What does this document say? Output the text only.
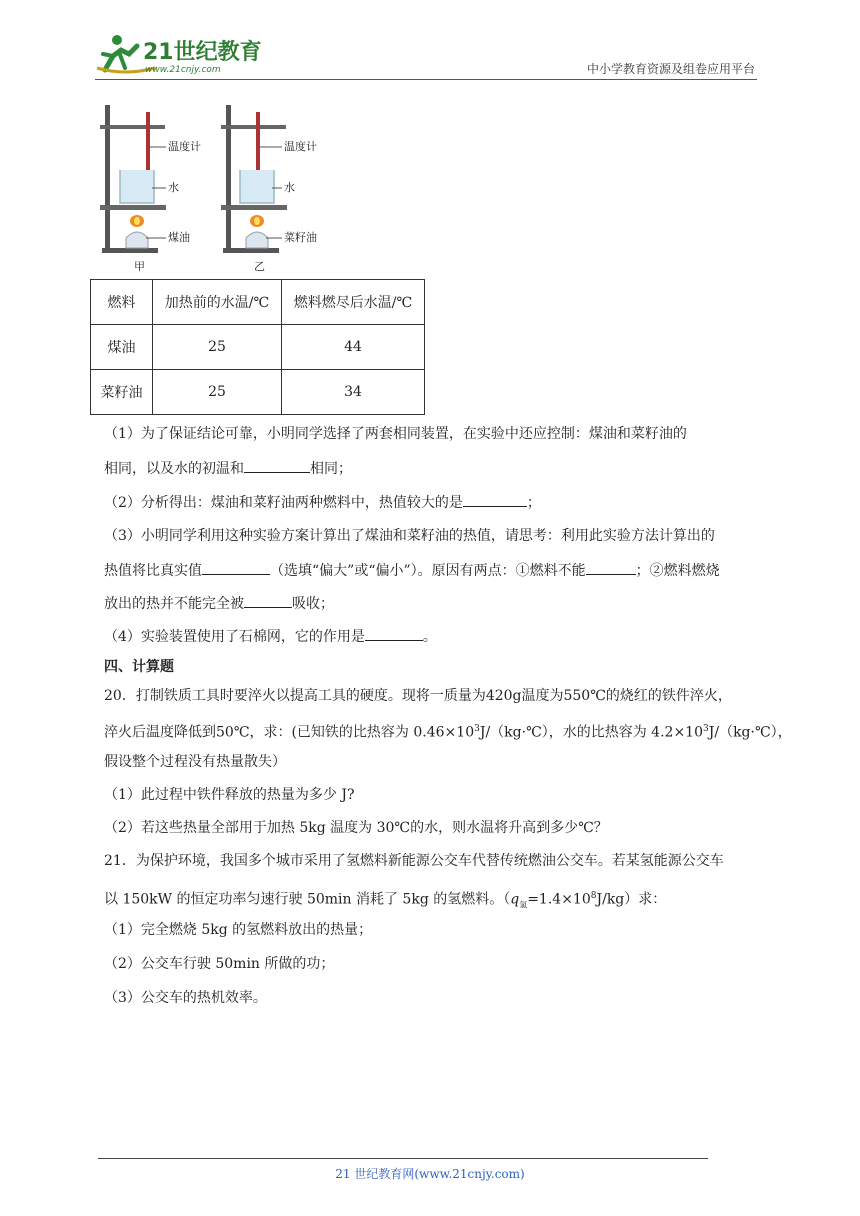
21世纪教育
www.21cnjy.com	中小学教育资源及组卷应用平台
温度计
水
煤油
甲
温度计
水
菜籽油
乙
燃料	加热前的水温/℃	燃料燃尽后水温/℃
煤油	25	44
菜籽油	25	34
（1）为了保证结论可靠，小明同学选择了两套相同装置，在实验中还应控制：煤油和菜籽油的
相同，以及水的初温和	相同；
（2）分析得出：煤油和菜籽油两种燃料中，热值较大的是	；
（3）小明同学利用这种实验方案计算出了煤油和菜籽油的热值，请思考：利用此实验方法计算出的
热值将比真实值	（选填“偏大”或“偏小”）。原因有两点：①燃料不能	；②燃料燃烧
放出的热并不能完全被	吸收；
（4）实验装置使用了石棉网，它的作用是	。
四、计算题
20．打制铁质工具时要淬火以提高工具的硬度。现将一质量为420g温度为550℃的烧红的铁件淬火，
淬火后温度降低到50℃，求：(已知铁的比热容为 $0.46\times 10^3J/(kg\cdot℃)$，水的比热容为 $4.2\times 10^3J/(kg\cdot℃)$，
假设整个过程没有热量散失）
（1）此过程中铁件释放的热量为多少 J?
（2）若这些热量全部用于加热 5kg 温度为 30℃的水，则水温将升高到多少℃？
21．为保护环境，我国多个城市采用了氢燃料新能源公交车代替传统燃油公交车。若某氢能源公交车
以 150kW 的恒定功率匀速行驶 50min 消耗了 5kg 的氢燃料。$(q_氢=1.4\times 10^8J/kg)$求：
（1）完全燃烧 5kg 的氢燃料放出的热量；
（2）公交车行驶 50min 所做的功；
（3）公交车的热机效率。
21 世纪教育网(www.21cnjy.com)
